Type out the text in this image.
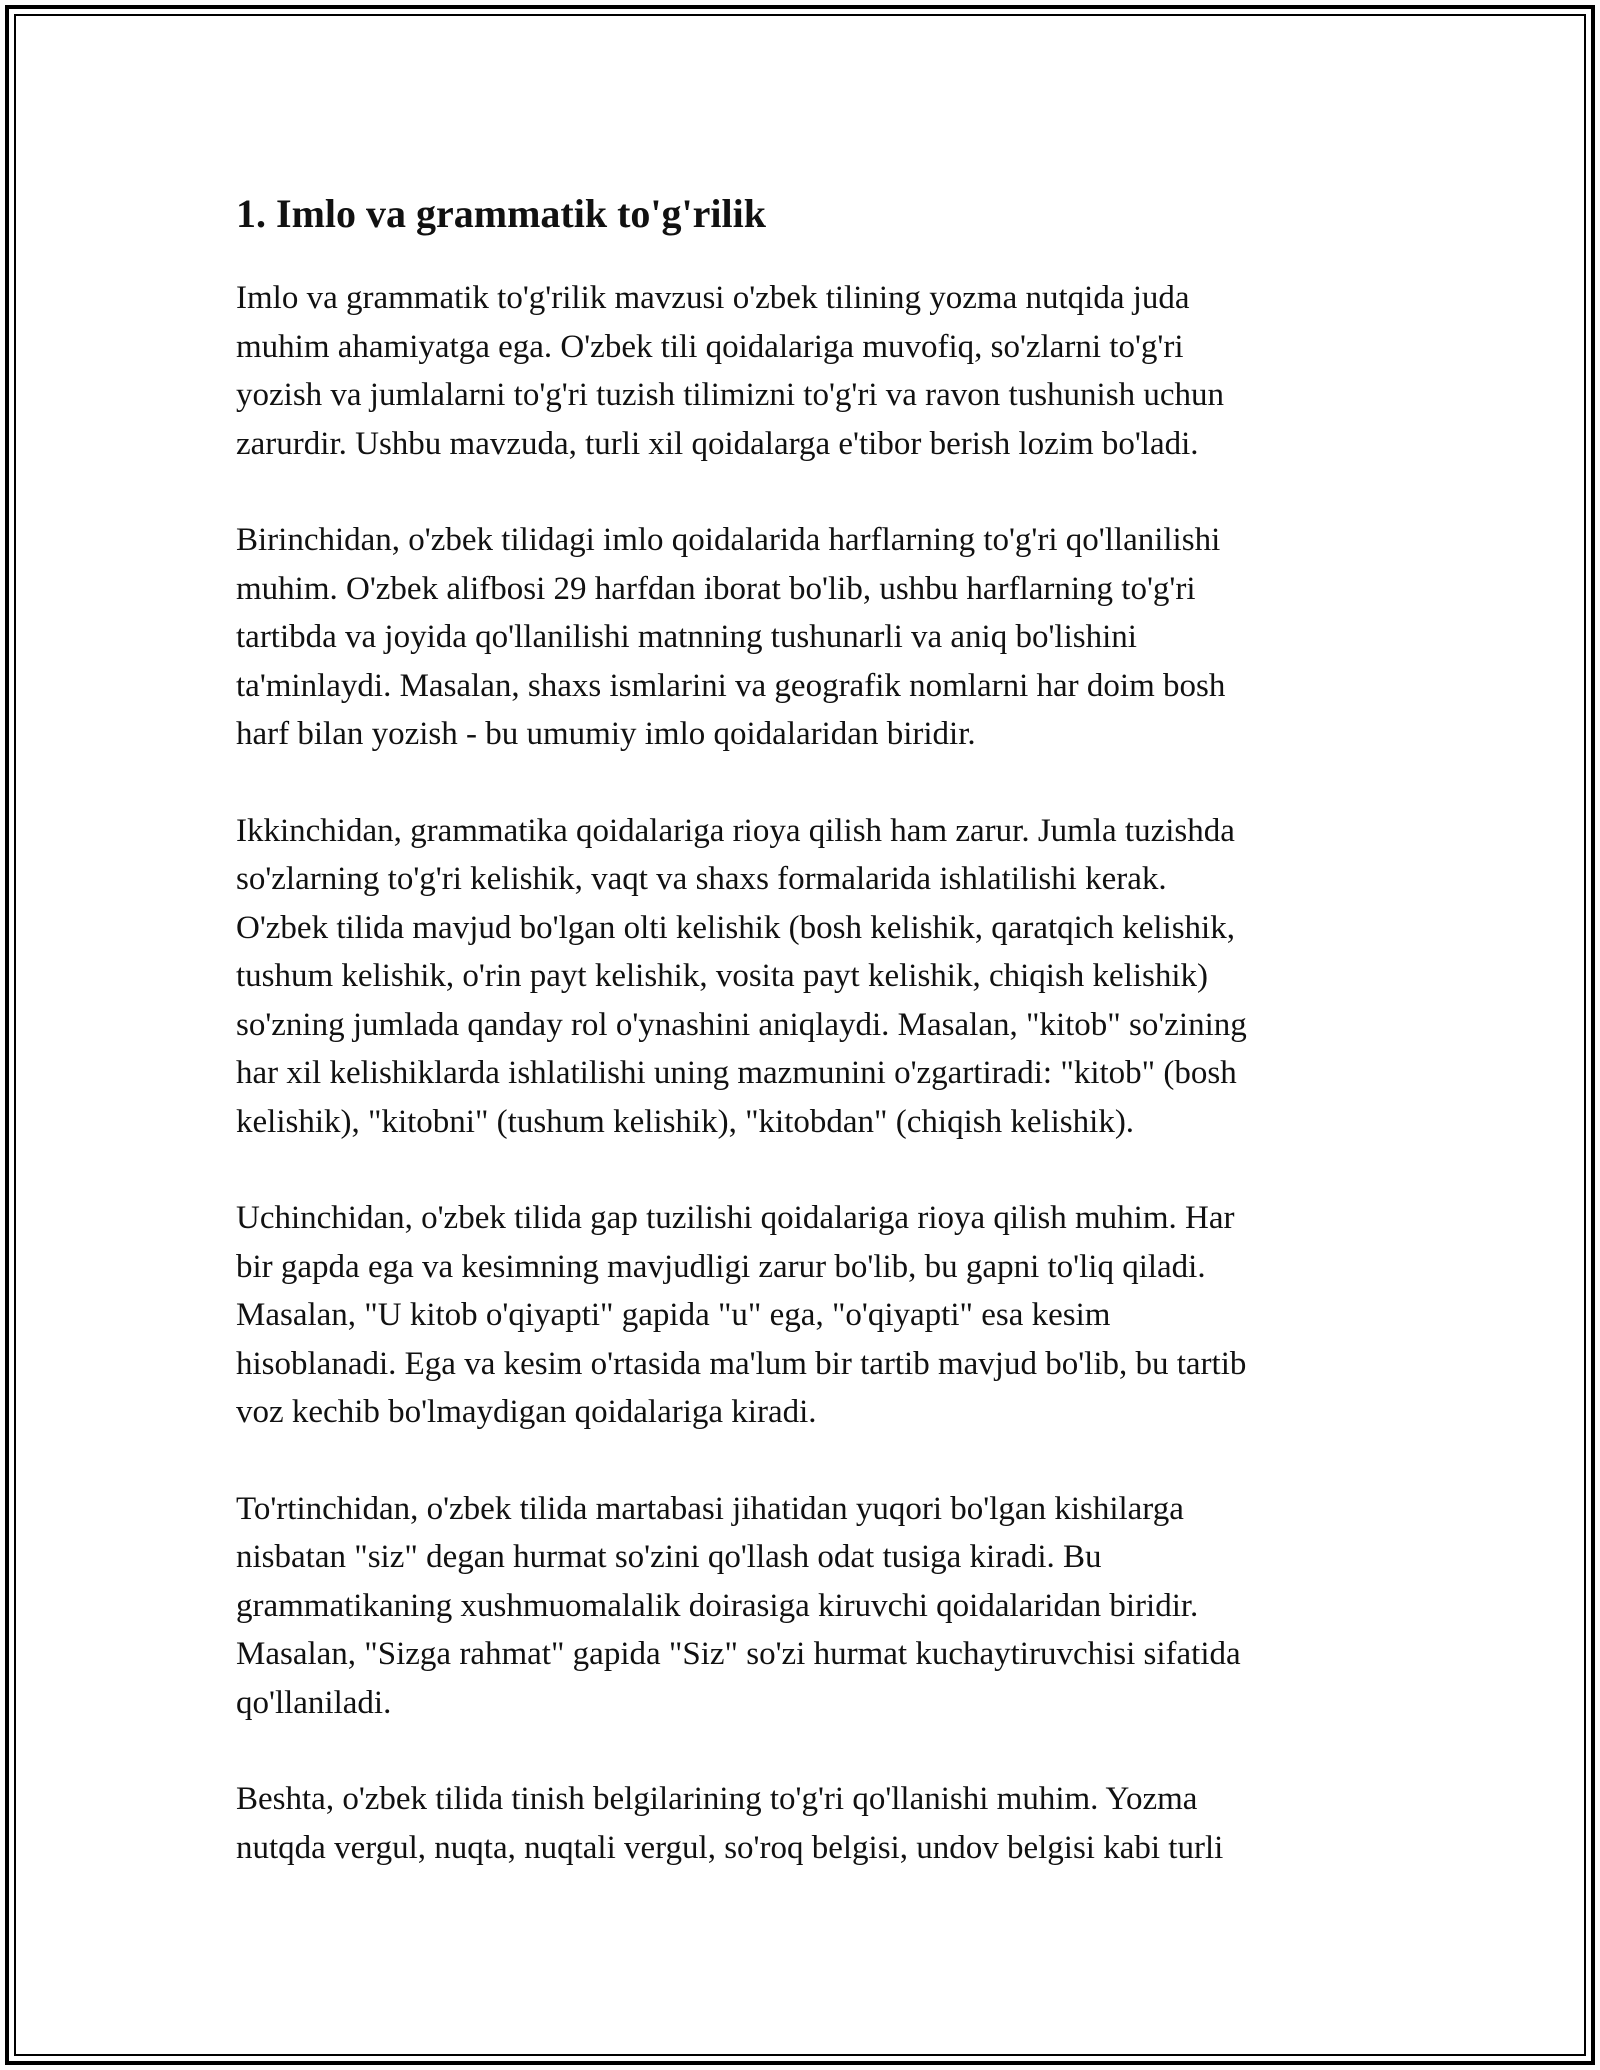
1. Imlo va grammatik to'g'rilik

Imlo va grammatik to'g'rilik mavzusi o'zbek tilining yozma nutqida juda
muhim ahamiyatga ega. O'zbek tili qoidalariga muvofiq, so'zlarni to'g'ri
yozish va jumlalarni to'g'ri tuzish tilimizni to'g'ri va ravon tushunish uchun
zarurdir. Ushbu mavzuda, turli xil qoidalarga e'tibor berish lozim bo'ladi.

Birinchidan, o'zbek tilidagi imlo qoidalarida harflarning to'g'ri qo'llanilishi
muhim. O'zbek alifbosi 29 harfdan iborat bo'lib, ushbu harflarning to'g'ri
tartibda va joyida qo'llanilishi matnning tushunarli va aniq bo'lishini
ta'minlaydi. Masalan, shaxs ismlarini va geografik nomlarni har doim bosh
harf bilan yozish - bu umumiy imlo qoidalaridan biridir.

Ikkinchidan, grammatika qoidalariga rioya qilish ham zarur. Jumla tuzishda
so'zlarning to'g'ri kelishik, vaqt va shaxs formalarida ishlatilishi kerak.
O'zbek tilida mavjud bo'lgan olti kelishik (bosh kelishik, qaratqich kelishik,
tushum kelishik, o'rin payt kelishik, vosita payt kelishik, chiqish kelishik)
so'zning jumlada qanday rol o'ynashini aniqlaydi. Masalan, "kitob" so'zining
har xil kelishiklarda ishlatilishi uning mazmunini o'zgartiradi: "kitob" (bosh
kelishik), "kitobni" (tushum kelishik), "kitobdan" (chiqish kelishik).

Uchinchidan, o'zbek tilida gap tuzilishi qoidalariga rioya qilish muhim. Har
bir gapda ega va kesimning mavjudligi zarur bo'lib, bu gapni to'liq qiladi.
Masalan, "U kitob o'qiyapti" gapida "u" ega, "o'qiyapti" esa kesim
hisoblanadi. Ega va kesim o'rtasida ma'lum bir tartib mavjud bo'lib, bu tartib
voz kechib bo'lmaydigan qoidalariga kiradi.

To'rtinchidan, o'zbek tilida martabasi jihatidan yuqori bo'lgan kishilarga
nisbatan "siz" degan hurmat so'zini qo'llash odat tusiga kiradi. Bu
grammatikaning xushmuomalalik doirasiga kiruvchi qoidalaridan biridir.
Masalan, "Sizga rahmat" gapida "Siz" so'zi hurmat kuchaytiruvchisi sifatida
qo'llaniladi.

Beshta, o'zbek tilida tinish belgilarining to'g'ri qo'llanishi muhim. Yozma
nutqda vergul, nuqta, nuqtali vergul, so'roq belgisi, undov belgisi kabi turli
